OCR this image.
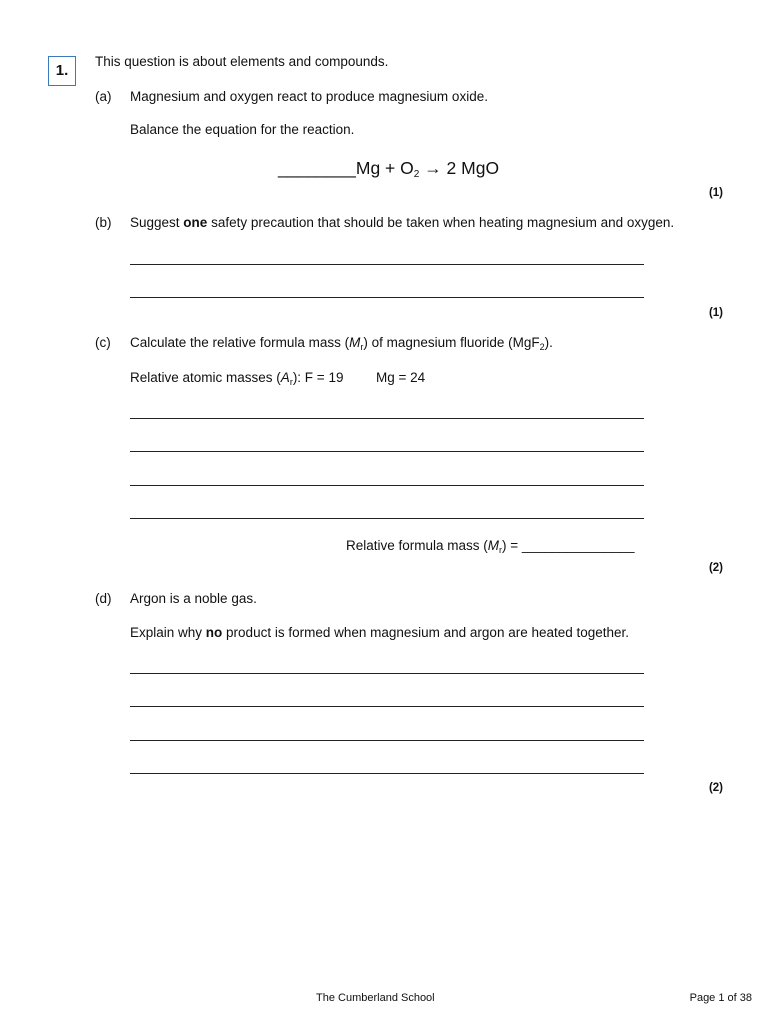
1.
This question is about elements and compounds.
(a) Magnesium and oxygen react to produce magnesium oxide.
Balance the equation for the reaction.
________Mg + $O_2 \to 2$ MgO
(1)
(b) Suggest one safety precaution that should be taken when heating magnesium and oxygen.
(1)
(c) Calculate the relative formula mass $(M_r)$ of magnesium fluoride (MgF$_2$).
Relative atomic masses $(A_r)$: F = 19 Mg = 24
Relative formula mass $(M_r)$ = _______________
(2)
(d) Argon is a noble gas.
Explain why no product is formed when magnesium and argon are heated together.
(2)
The Cumberland School	Page 1 of 38
